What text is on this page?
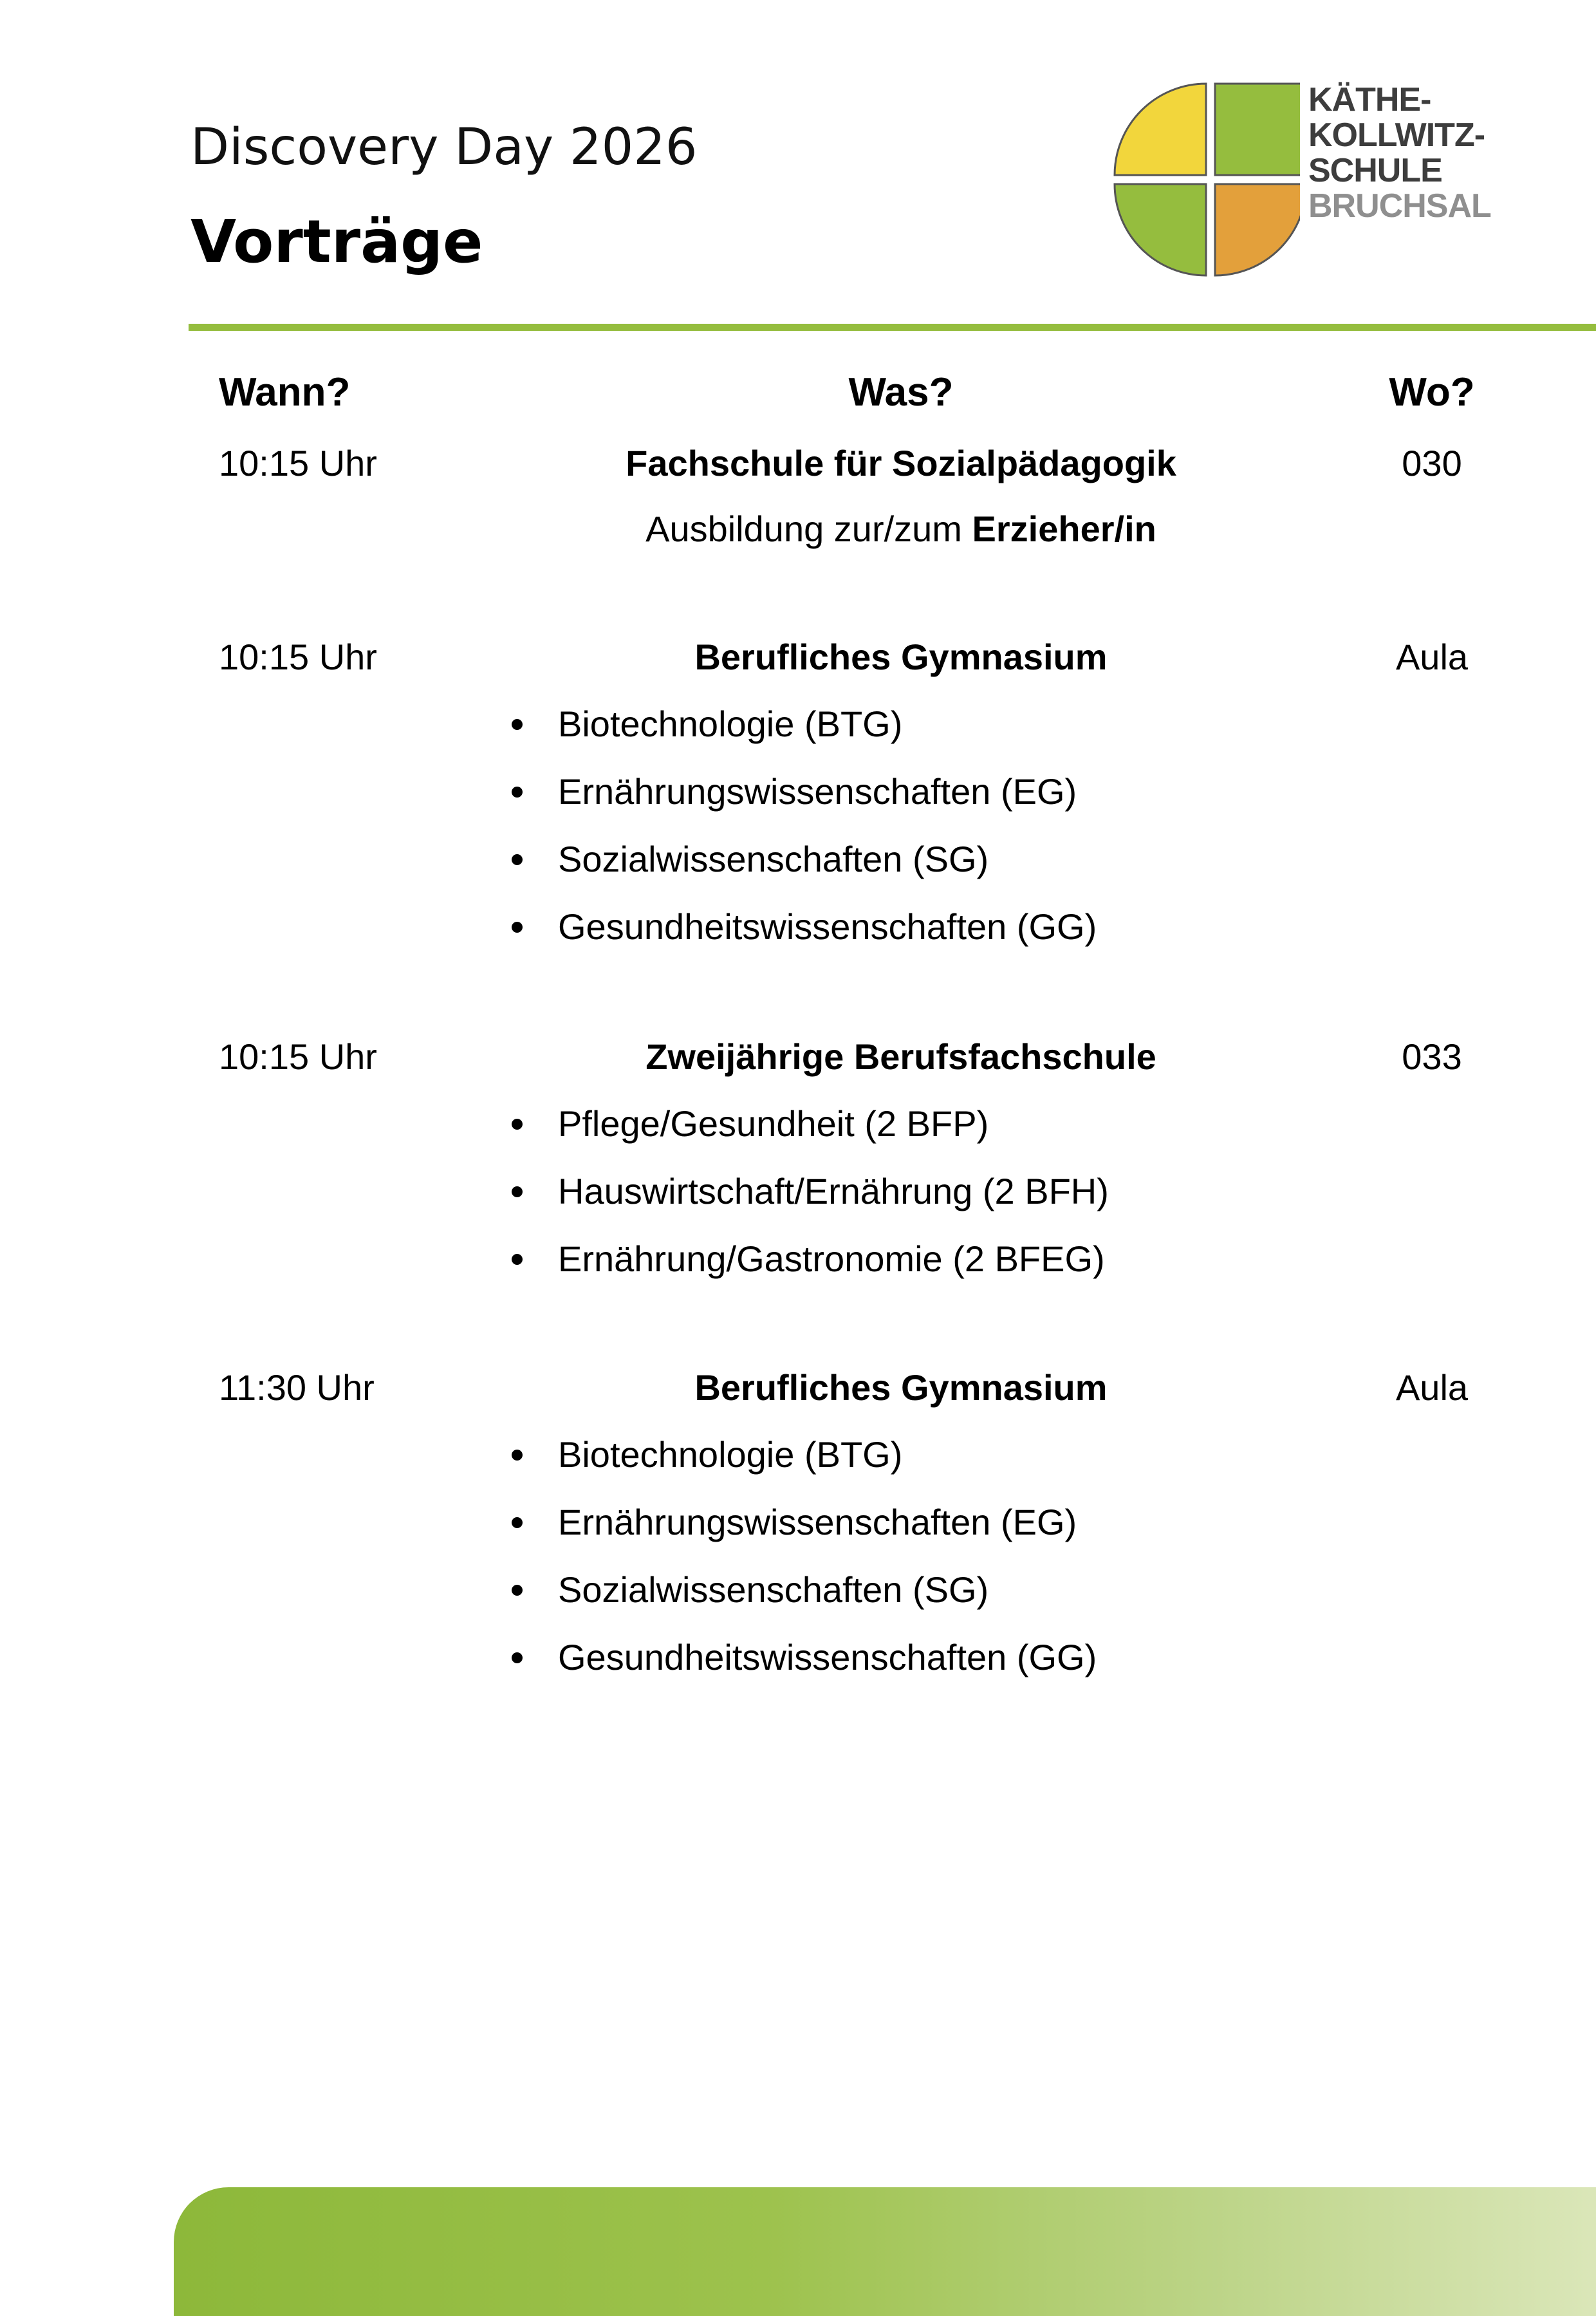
Discovery Day 2026
Vorträge
KÄTHE-
KOLLWITZ-
SCHULE
BRUCHSAL
Wann?	Was?	Wo?
10:15 Uhr	Fachschule für Sozialpädagogik	030
Ausbildung zur/zum Erzieher/in
10:15 Uhr	Berufliches Gymnasium	Aula
Biotechnologie (BTG)
Ernährungswissenschaften (EG)
Sozialwissenschaften (SG)
Gesundheitswissenschaften (GG)
10:15 Uhr	Zweijährige Berufsfachschule	033
Pflege/Gesundheit (2 BFP)
Hauswirtschaft/Ernährung (2 BFH)
Ernährung/Gastronomie (2 BFEG)
11:30 Uhr	Berufliches Gymnasium	Aula
Biotechnologie (BTG)
Ernährungswissenschaften (EG)
Sozialwissenschaften (SG)
Gesundheitswissenschaften (GG)
